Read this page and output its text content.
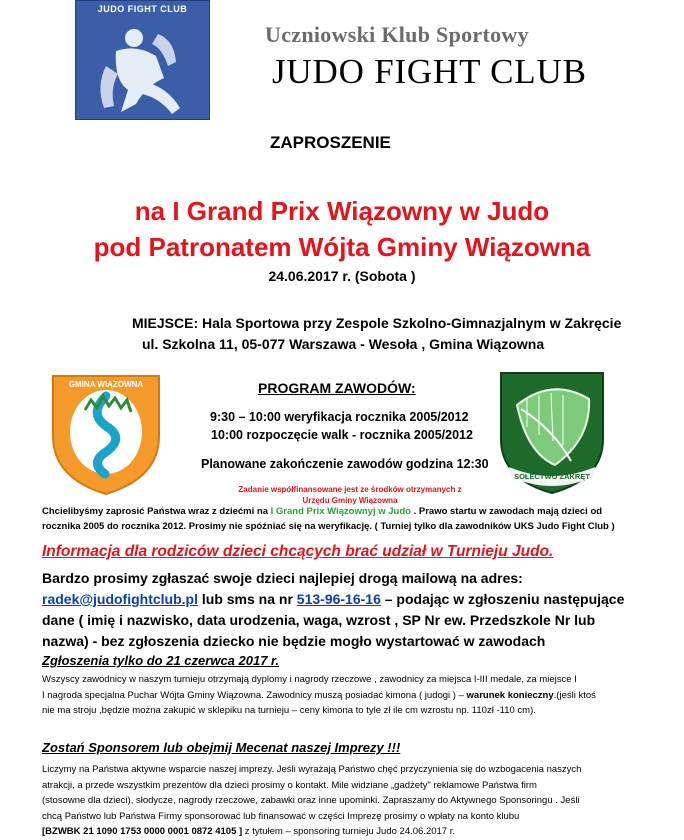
JUDO FIGHT CLUB
Uczniowski Klub Sportowy
JUDO FIGHT CLUB
ZAPROSZENIE
na I Grand Prix Wiązowny w Judo
pod Patronatem Wójta Gminy Wiązowna
24.06.2017 r. (Sobota )
MIEJSCE: Hala Sportowa przy Zespole Szkolno-Gimnazjalnym w Zakręcie
ul. Szkolna 11, 05-077 Warszawa - Wesoła , Gmina Wiązowna
GMINA WIĄZOWNA
SOŁECTWO ZAKRĘT
PROGRAM ZAWODÓW:
9:30 – 10:00 weryfikacja rocznika 2005/2012
10:00 rozpoczęcie walk - rocznika 2005/2012
Planowane zakończenie zawodów godzina 12:30
Zadanie współfinansowane jest ze środków otrzymanych z
Urzędu Gminy Wiązowna
Chcielibyśmy zaprosić Państwa wraz z dziećmi na I Grand Prix Wiązownyj w Judo . Prawo startu w zawodach mają dzieci od
rocznika 2005 do rocznika 2012. Prosimy nie spóźniać się na weryfikację. ( Turniej tylko dla zawodników UKS Judo Fight Club )
Informacja dla rodziców dzieci chcących brać udział w Turnieju Judo.
Bardzo prosimy zgłaszać swoje dzieci najlepiej drogą mailową na adres:
radek@judofightclub.pl lub sms na nr 513-96-16-16 – podając w zgłoszeniu następujące
dane ( imię i nazwisko, data urodzenia, waga, wzrost , SP Nr ew. Przedszkole Nr lub
nazwa) - bez zgłoszenia dziecko nie będzie mogło wystartować w zawodach
Zgłoszenia tylko do 21 czerwca 2017 r.
Wszyscy zawodnicy w naszym turnieju otrzymają dyplomy i nagrody rzeczowe , zawodnicy za miejsca I-III medale, za miejsce I
I nagroda specjalna Puchar Wójta Gminy Wiązowna. Zawodnicy muszą posiadać kimona ( judogi ) – warunek konieczny.(jeśli ktoś
nie ma stroju ,będzie można zakupić w sklepiku na turnieju – ceny kimona to tyle zł ile cm wzrostu np. 110zł -110 cm).
Zostań Sponsorem lub obejmij Mecenat naszej Imprezy !!!
Liczymy na Państwa aktywne wsparcie naszej imprezy. Jeśli wyrażają Państwo chęć przyczynienia się do wzbogacenia naszych
atrakcji, a przede wszystkim prezentów dla dzieci prosimy o kontakt. Mile widziane „gadżety" reklamowe Państwa firm
(stosowne dla dzieci), słodycze, nagrody rzeczowe, zabawki oraz inne upominki. Zapraszamy do Aktywnego Sponsoringu . Jeśli
chcą Państwo lub Państwa Firmy sponsorować lub finansować w części Imprezę prosimy o wpłaty na konto klubu
[BZWBK 21 1090 1753 0000 0001 0872 4105 ] z tytułem – sponsoring turnieju Judo 24.06.2017 r.
